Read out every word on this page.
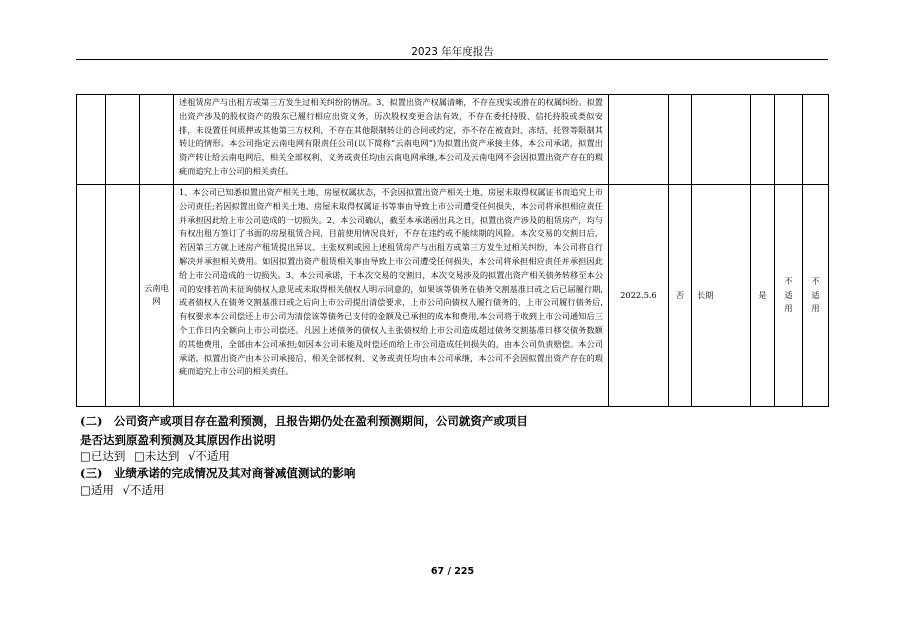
2023 年年度报告
			述租赁房产与出租方或第三方发生过相关纠纷的情况。3、拟置出资产权属清晰，不存在现实或潜在的权属纠纷。拟置出资产涉及的股权资产的股东已履行相应出资义务，历次股权变更合法有效，不存在委托持股、信托持股或类似安排，未设置任何质押或其他第三方权利，不存在其他限制转让的合同或约定，亦不存在被查封、冻结、托管等限制其转让的情形。本公司指定云南电网有限责任公司(以下简称“云南电网”)为拟置出资产承接主体，本公司承诺，拟置出资产转让给云南电网后，相关全部权利、义务或责任均由云南电网承继,本公司及云南电网不会因拟置出资产存在的瑕疵而追究上市公司的相关责任。						
		云南电网	1、本公司已知悉拟置出资产相关土地、房屋权属状态，不会因拟置出资产相关土地、房屋未取得权属证书而追究上市公司责任;若因拟置出资产相关土地、房屋未取得权属证书等事由导致上市公司遭受任何损失，本公司将承担相应责任并承担因此给上市公司造成的一切损失。2、本公司确认，截至本承诺函出具之日，拟置出资产涉及的租赁房产，均与有权出租方签订了书面的房屋租赁合同，目前使用情况良好，不存在违约或不能续期的风险。本次交易的交割日后，若因第三方就上述房产租赁提出异议、主张权利或因上述租赁房产与出租方或第三方发生过相关纠纷，本公司将自行解决并承担相关费用。如因拟置出资产租赁相关事由导致上市公司遭受任何损失，本公司将承担相应责任并承担因此给上市公司造成的一切损失。3、本公司承诺，于本次交易的交割日，本次交易涉及的拟置出资产相关债务转移至本公司的安排若尚未征询债权人意见或未取得相关债权人明示同意的，如果该等债务在债务交割基准日或之后已届履行期,或者债权人在债务交割基准日或之后向上市公司提出清偿要求，上市公司向债权人履行债务的，上市公司履行债务后,有权要求本公司偿还上市公司为清偿该等债务已支付的金额及已承担的成本和费用,本公司将于收到上市公司通知后三个工作日内全额向上市公司偿还。凡因上述债务的债权人主张债权给上市公司造成超过债务交割基准日移交债务数额的其他费用，全部由本公司承担;如因本公司未能及时偿还而给上市公司造成任何损失的，由本公司负责赔偿。本公司承诺，拟置出资产由本公司承接后，相关全部权利、义务或责任均由本公司承继，本公司不会因拟置出资产存在的瑕疵而追究上市公司的相关责任。	2022.5.6	否	长期	是	不适用	不适用
(二)　公司资产或项目存在盈利预测，且报告期仍处在盈利预测期间，公司就资产或项目
是否达到原盈利预测及其原因作出说明
□已达到 □未达到 √不适用
(三)　业绩承诺的完成情况及其对商誉减值测试的影响
□适用 √不适用
67 / 225
